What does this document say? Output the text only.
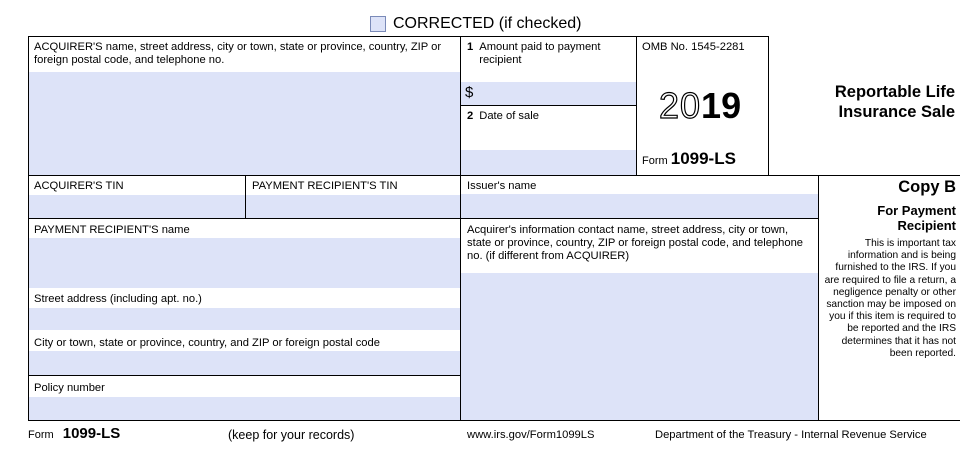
CORRECTED (if checked)
ACQUIRER'S name, street address, city or town, state or province, country, ZIP or foreign postal code, and telephone no.
1 Amount paid to payment recipient
$
2 Date of sale
OMB No. 1545-2281
2019
Form 1099-LS
Reportable Life
Insurance Sale
ACQUIRER'S TIN	PAYMENT RECIPIENT'S TIN	Issuer's name
PAYMENT RECIPIENT'S name
Street address (including apt. no.)
City or town, state or province, country, and ZIP or foreign postal code
Policy number
Acquirer's information contact name, street address, city or town, state or province, country, ZIP or foreign postal code, and telephone no. (if different from ACQUIRER)

Copy B

For Payment

Recipient

This is important tax information and is being furnished to the IRS. If you are required to file a return, a negligence penalty or other sanction may be imposed on you if this item is required to be reported and the IRS determines that it has not been reported.

Form 1099-LS	(keep for your records)	www.irs.gov/Form1099LS	Department of the Treasury - Internal Revenue Service
